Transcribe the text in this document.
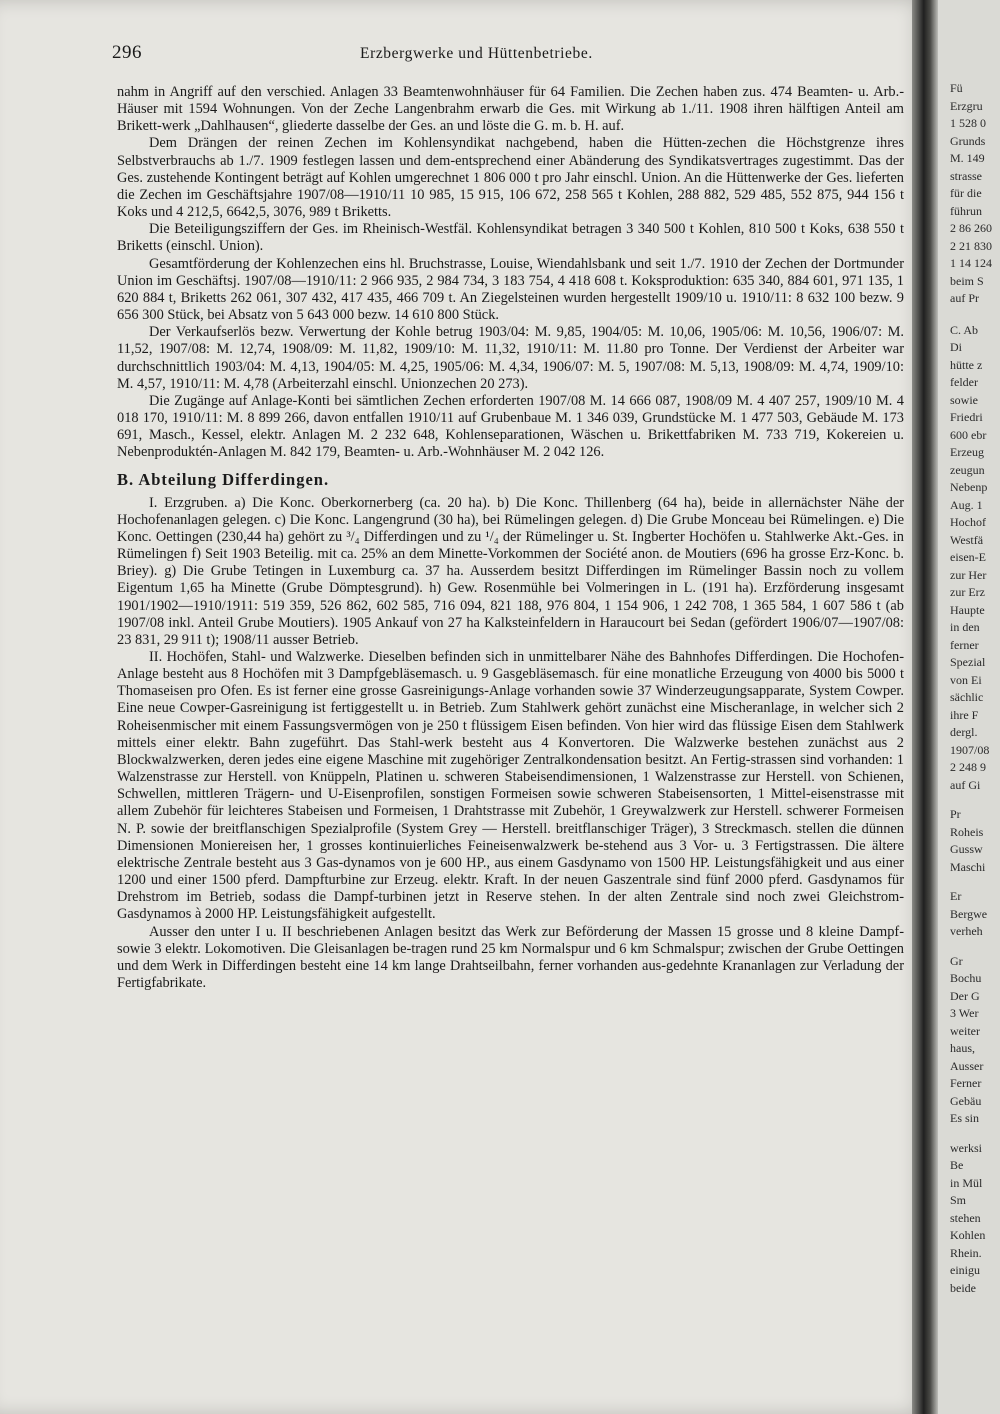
296	Erzbergwerke und Hüttenbetriebe.

nahm in Angriff auf den verschied. Anlagen 33 Beamtenwohnhäuser für 64 Familien. Die Zechen haben zus. 474 Beamten- u. Arb.-Häuser mit 1594 Wohnungen. Von der Zeche Langenbrahm erwarb die Ges. mit Wirkung ab 1./11. 1908 ihren hälftigen Anteil am Brikett-werk „Dahlhausen“, gliederte dasselbe der Ges. an und löste die G. m. b. H. auf.

Dem Drängen der reinen Zechen im Kohlensyndikat nachgebend, haben die Hütten-zechen die Höchstgrenze ihres Selbstverbrauchs ab 1./7. 1909 festlegen lassen und dem-entsprechend einer Abänderung des Syndikatsvertrages zugestimmt. Das der Ges. zustehende Kontingent beträgt auf Kohlen umgerechnet 1 806 000 t pro Jahr einschl. Union. An die Hüttenwerke der Ges. lieferten die Zechen im Geschäftsjahre 1907/08—1910/11 10 985, 15 915, 106 672, 258 565 t Kohlen, 288 882, 529 485, 552 875, 944 156 t Koks und 4 212,5, 6642,5, 3076, 989 t Briketts.

Die Beteiligungsziffern der Ges. im Rheinisch-Westfäl. Kohlensyndikat betragen 3 340 500 t Kohlen, 810 500 t Koks, 638 550 t Briketts (einschl. Union).

Gesamtförderung der Kohlenzechen eins hl. Bruchstrasse, Louise, Wiendahlsbank und seit 1./7. 1910 der Zechen der Dortmunder Union im Geschäftsj. 1907/08—1910/11: 2 966 935, 2 984 734, 3 183 754, 4 418 608 t. Koksproduktion: 635 340, 884 601, 971 135, 1 620 884 t, Briketts 262 061, 307 432, 417 435, 466 709 t. An Ziegelsteinen wurden hergestellt 1909/10 u. 1910/11: 8 632 100 bezw. 9 656 300 Stück, bei Absatz von 5 643 000 bezw. 14 610 800 Stück.

Der Verkaufserlös bezw. Verwertung der Kohle betrug 1903/04: M. 9,85, 1904/05: M. 10,06, 1905/06: M. 10,56, 1906/07: M. 11,52, 1907/08: M. 12,74, 1908/09: M. 11,82, 1909/10: M. 11,32, 1910/11: M. 11.80 pro Tonne. Der Verdienst der Arbeiter war durchschnittlich 1903/04: M. 4,13, 1904/05: M. 4,25, 1905/06: M. 4,34, 1906/07: M. 5, 1907/08: M. 5,13, 1908/09: M. 4,74, 1909/10: M. 4,57, 1910/11: M. 4,78 (Arbeiterzahl einschl. Unionzechen 20 273).

Die Zugänge auf Anlage-Konti bei sämtlichen Zechen erforderten 1907/08 M. 14 666 087, 1908/09 M. 4 407 257, 1909/10 M. 4 018 170, 1910/11: M. 8 899 266, davon entfallen 1910/11 auf Grubenbaue M. 1 346 039, Grundstücke M. 1 477 503, Gebäude M. 173 691, Masch., Kessel, elektr. Anlagen M. 2 232 648, Kohlenseparationen, Wäschen u. Brikettfabriken M. 733 719, Kokereien u. Nebenproduktén-Anlagen M. 842 179, Beamten- u. Arb.-Wohnhäuser M. 2 042 126.

B. Abteilung Differdingen.

I. Erzgruben. a) Die Konc. Oberkornerberg (ca. 20 ha). b) Die Konc. Thillenberg (64 ha), beide in allernächster Nähe der Hochofenanlagen gelegen. c) Die Konc. Langengrund (30 ha), bei Rümelingen gelegen. d) Die Grube Monceau bei Rümelingen. e) Die Konc. Oettingen (230,44 ha) gehört zu ³/₄ Differdingen und zu ¹/₄ der Rümelinger u. St. Ingberter Hochöfen u. Stahlwerke Akt.-Ges. in Rümelingen f) Seit 1903 Beteilig. mit ca. 25% an dem Minette-Vorkommen der Société anon. de Moutiers (696 ha grosse Erz-Konc. b. Briey). g) Die Grube Tetingen in Luxemburg ca. 37 ha. Ausserdem besitzt Differdingen im Rümelinger Bassin noch zu vollem Eigentum 1,65 ha Minette (Grube Dömptesgrund). h) Gew. Rosenmühle bei Volmeringen in L. (191 ha). Erzförderung insgesamt 1901/1902—1910/1911: 519 359, 526 862, 602 585, 716 094, 821 188, 976 804, 1 154 906, 1 242 708, 1 365 584, 1 607 586 t (ab 1907/08 inkl. Anteil Grube Moutiers). 1905 Ankauf von 27 ha Kalksteinfeldern in Haraucourt bei Sedan (gefördert 1906/07—1907/08: 23 831, 29 911 t); 1908/11 ausser Betrieb.

II. Hochöfen, Stahl- und Walzwerke. Dieselben befinden sich in unmittelbarer Nähe des Bahnhofes Differdingen. Die Hochofen-Anlage besteht aus 8 Hochöfen mit 3 Dampfgebläsemasch. u. 9 Gasgebläsemasch. für eine monatliche Erzeugung von 4000 bis 5000 t Thomaseisen pro Ofen. Es ist ferner eine grosse Gasreinigungs-Anlage vorhanden sowie 37 Winderzeugungsapparate, System Cowper. Eine neue Cowper-Gasreinigung ist fertiggestellt u. in Betrieb. Zum Stahlwerk gehört zunächst eine Mischeranlage, in welcher sich 2 Roheisenmischer mit einem Fassungsvermögen von je 250 t flüssigem Eisen befinden. Von hier wird das flüssige Eisen dem Stahlwerk mittels einer elektr. Bahn zugeführt. Das Stahl-werk besteht aus 4 Konvertoren. Die Walzwerke bestehen zunächst aus 2 Blockwalzwerken, deren jedes eine eigene Maschine mit zugehöriger Zentralkondensation besitzt. An Fertig-strassen sind vorhanden: 1 Walzenstrasse zur Herstell. von Knüppeln, Platinen u. schweren Stabeisendimensionen, 1 Walzenstrasse zur Herstell. von Schienen, Schwellen, mittleren Trägern- und U-Eisenprofilen, sonstigen Formeisen sowie schweren Stabeisensorten, 1 Mittel-eisenstrasse mit allem Zubehör für leichteres Stabeisen und Formeisen, 1 Drahtstrasse mit Zubehör, 1 Greywalzwerk zur Herstell. schwerer Formeisen N. P. sowie der breitflanschigen Spezialprofile (System Grey — Herstell. breitflanschiger Träger), 3 Streckmasch. stellen die dünnen Dimensionen Moniereisen her, 1 grosses kontinuierliches Feineisenwalzwerk be-stehend aus 3 Vor- u. 3 Fertigstrassen. Die ältere elektrische Zentrale besteht aus 3 Gas-dynamos von je 600 HP., aus einem Gasdynamo von 1500 HP. Leistungsfähigkeit und aus einer 1200 und einer 1500 pferd. Dampfturbine zur Erzeug. elektr. Kraft. In der neuen Gaszentrale sind fünf 2000 pferd. Gasdynamos für Drehstrom im Betrieb, sodass die Dampf-turbinen jetzt in Reserve stehen. In der alten Zentrale sind noch zwei Gleichstrom-Gasdynamos à 2000 HP. Leistungsfähigkeit aufgestellt.

Ausser den unter I u. II beschriebenen Anlagen besitzt das Werk zur Beförderung der Massen 15 grosse und 8 kleine Dampf- sowie 3 elektr. Lokomotiven. Die Gleisanlagen be-tragen rund 25 km Normalspur und 6 km Schmalspur; zwischen der Grube Oettingen und dem Werk in Differdingen besteht eine 14 km lange Drahtseilbahn, ferner vorhanden aus-gedehnte Krananlagen zur Verladung der Fertigfabrikate.

Fü
Erzgru
1 528 0
Grunds
M. 149
strasse
für die
führun
2 86 260
2 21 830
1 14 124
beim S
auf Pr
C. Ab
Di
hütte z
felder
sowie
Friedri
600 ebr
Erzeug
zeugun
Nebenp
Aug. 1
Hochof
Westfä
eisen-E
zur Her
zur Erz
Haupte
in den
ferner
Spezial
von Ei
sächlic
ihre F
dergl.
1907/08
2 248 9
auf Gi
Pr
Roheis
Gussw
Maschi
Er
Bergwe
verheh
Gr
Bochu
Der G
3 Wer
weiter
haus,
Ausser
Ferner
Gebäu
Es sin
werksi
Be
in Mül
Sm
stehen
Kohlen
Rhein.
einigu
beide
